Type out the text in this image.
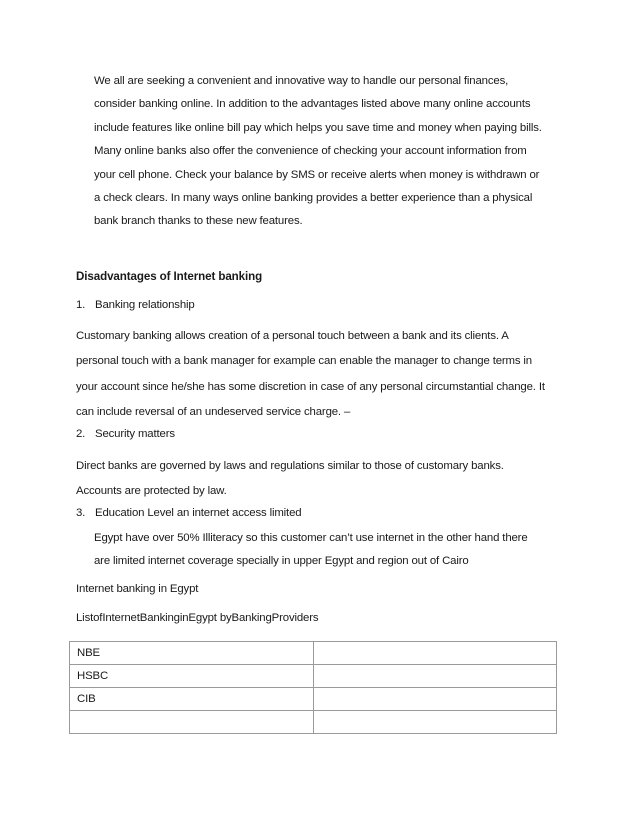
We all are seeking a convenient and innovative way to handle our personal finances,
consider banking online. In addition to the advantages listed above many online accounts
include features like online bill pay which helps you save time and money when paying bills.
Many online banks also offer the convenience of checking your account information from
your cell phone. Check your balance by SMS or receive alerts when money is withdrawn or
a check clears. In many ways online banking provides a better experience than a physical
bank branch thanks to these new features.
Disadvantages of Internet banking
1. Banking relationship
Customary banking allows creation of a personal touch between a bank and its clients. A
personal touch with a bank manager for example can enable the manager to change terms in
your account since he/she has some discretion in case of any personal circumstantial change. It
can include reversal of an undeserved service charge. –
2. Security matters
Direct banks are governed by laws and regulations similar to those of customary banks.
Accounts are protected by law.
3. Education Level an internet access limited
Egypt have over 50% Illiteracy so this customer can’t use internet in the other hand there
are limited internet coverage specially in upper Egypt and region out of Cairo
Internet banking in Egypt
ListofInternetBankinginEgypt byBankingProviders
NBE	
HSBC	
CIB	
